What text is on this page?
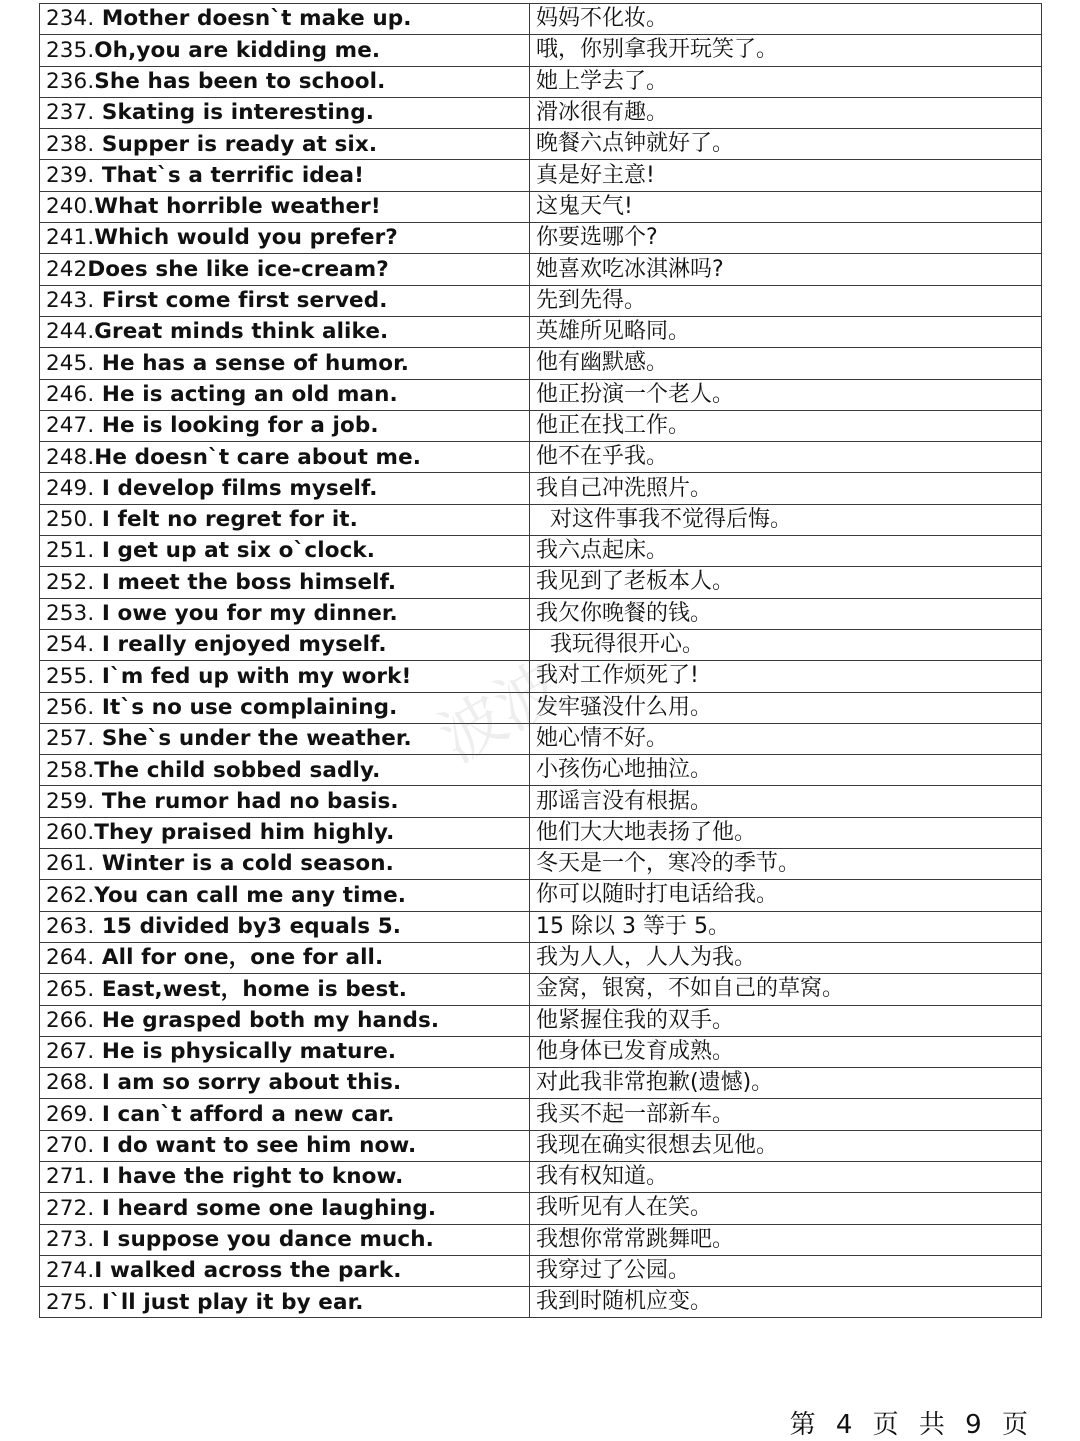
234. Mother doesn`t make up.	妈妈不化妆。
235.Oh,you are kidding me.	哦，你别拿我开玩笑了。
236.She has been to school.	她上学去了。
237. Skating is interesting.	滑冰很有趣。
238. Supper is ready at six.	晚餐六点钟就好了。
239. That`s a terrific idea!	真是好主意!
240.What horrible weather!	这鬼天气!
241.Which would you prefer?	你要选哪个?
242Does she like ice-cream?	她喜欢吃冰淇淋吗?
243. First come first served.	先到先得。
244.Great minds think alike.	英雄所见略同。
245. He has a sense of humor.	他有幽默感。
246. He is acting an old man.	他正扮演一个老人。
247. He is looking for a job.	他正在找工作。
248.He doesn`t care about me.	他不在乎我。
249. I develop films myself.	我自己冲洗照片。
250. I felt no regret for it.	对这件事我不觉得后悔。
251. I get up at six o`clock.	我六点起床。
252. I meet the boss himself.	我见到了老板本人。
253. I owe you for my dinner.	我欠你晚餐的钱。
254. I really enjoyed myself.	我玩得很开心。
255. I`m fed up with my work!	我对工作烦死了!
256. It`s no use complaining.	发牢骚没什么用。
257. She`s under the weather.	她心情不好。
258.The child sobbed sadly.	小孩伤心地抽泣。
259. The rumor had no basis.	那谣言没有根据。
260.They praised him highly.	他们大大地表扬了他。
261. Winter is a cold season.	冬天是一个，寒冷的季节。
262.You can call me any time.	你可以随时打电话给我。
263. 15 divided by3 equals 5.	15 除以 3 等于 5。
264. All for one，one for all.	我为人人，人人为我。
265. East,west，home is best.	金窝，银窝，不如自己的草窝。
266. He grasped both my hands.	他紧握住我的双手。
267. He is physically mature.	他身体已发育成熟。
268. I am so sorry about this.	对此我非常抱歉(遗憾)。
269. I can`t afford a new car.	我买不起一部新车。
270. I do want to see him now.	我现在确实很想去见他。
271. I have the right to know.	我有权知道。
272. I heard some one laughing.	我听见有人在笑。
273. I suppose you dance much.	我想你常常跳舞吧。
274.I walked across the park.	我穿过了公园。
275. I`ll just play it by ear.	我到时随机应变。
波波
第 4 页 共 9 页
